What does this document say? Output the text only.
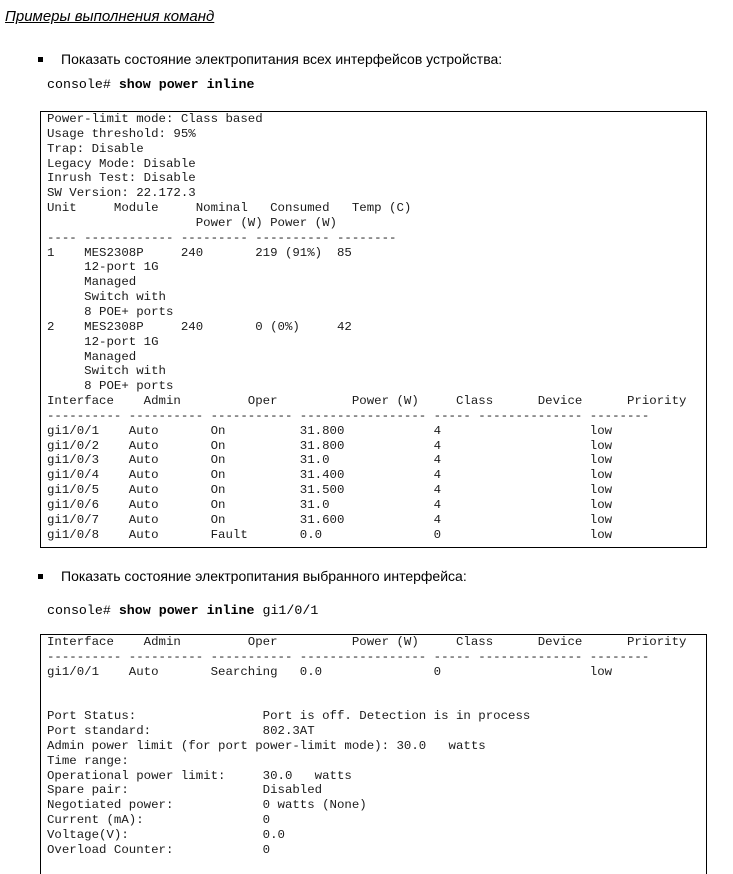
Примеры выполнения команд
Показать состояние электропитания всех интерфейсов устройства:
console# show power inline
Power-limit mode: Class based
Usage threshold: 95%
Trap: Disable
Legacy Mode: Disable
Inrush Test: Disable
SW Version: 22.172.3
Unit     Module     Nominal   Consumed   Temp (C)
Power (W) Power (W)
---- ------------ --------- ---------- --------
1    MES2308P     240       219 (91%)  85
12-port 1G
Managed
Switch with
8 POE+ ports
2    MES2308P     240       0 (0%)     42
12-port 1G
Managed
Switch with
8 POE+ ports
Interface    Admin         Oper          Power (W)     Class      Device      Priority
---------- ---------- ----------- ----------------- ----- -------------- --------
gi1/0/1    Auto       On          31.800            4                    low
gi1/0/2    Auto       On          31.800            4                    low
gi1/0/3    Auto       On          31.0              4                    low
gi1/0/4    Auto       On          31.400            4                    low
gi1/0/5    Auto       On          31.500            4                    low
gi1/0/6    Auto       On          31.0              4                    low
gi1/0/7    Auto       On          31.600            4                    low
gi1/0/8    Auto       Fault       0.0               0                    low

Показать состояние электропитания выбранного интерфейса:
console# show power inline gi1/0/1
Interface    Admin         Oper          Power (W)     Class      Device      Priority
---------- ---------- ----------- ----------------- ----- -------------- --------
gi1/0/1    Auto       Searching   0.0               0                    low

Port Status:                 Port is off. Detection is in process
Port standard:               802.3AT
Admin power limit (for port power-limit mode): 30.0   watts
Time range:
Operational power limit:     30.0   watts
Spare pair:                  Disabled
Negotiated power:            0 watts (None)
Current (mA):                0
Voltage(V):                  0.0
Overload Counter:            0
